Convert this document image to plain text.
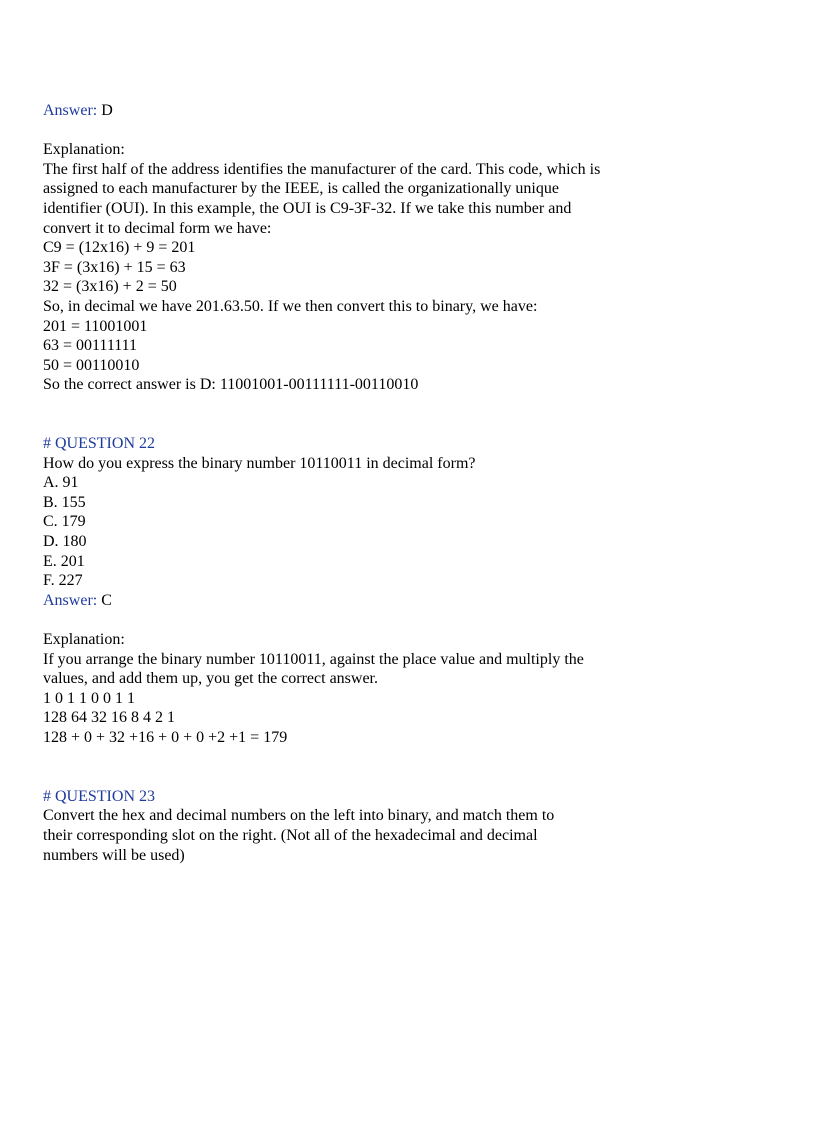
Answer: D
Explanation:
The first half of the address identifies the manufacturer of the card. This code, which is
assigned to each manufacturer by the IEEE, is called the organizationally unique
identifier (OUI). In this example, the OUI is C9-3F-32. If we take this number and
convert it to decimal form we have:
C9 = (12x16) + 9 = 201
3F = (3x16) + 15 = 63
32 = (3x16) + 2 = 50
So, in decimal we have 201.63.50. If we then convert this to binary, we have:
201 = 11001001
63 = 00111111
50 = 00110010
So the correct answer is D: 11001001-00111111-00110010
# QUESTION 22
How do you express the binary number 10110011 in decimal form?
A. 91
B. 155
C. 179
D. 180
E. 201
F. 227
Answer: C
Explanation:
If you arrange the binary number 10110011, against the place value and multiply the
values, and add them up, you get the correct answer.
1 0 1 1 0 0 1 1
128 64 32 16 8 4 2 1
128 + 0 + 32 +16 + 0 + 0 +2 +1 = 179
# QUESTION 23
Convert the hex and decimal numbers on the left into binary, and match them to
their corresponding slot on the right. (Not all of the hexadecimal and decimal
numbers will be used)
